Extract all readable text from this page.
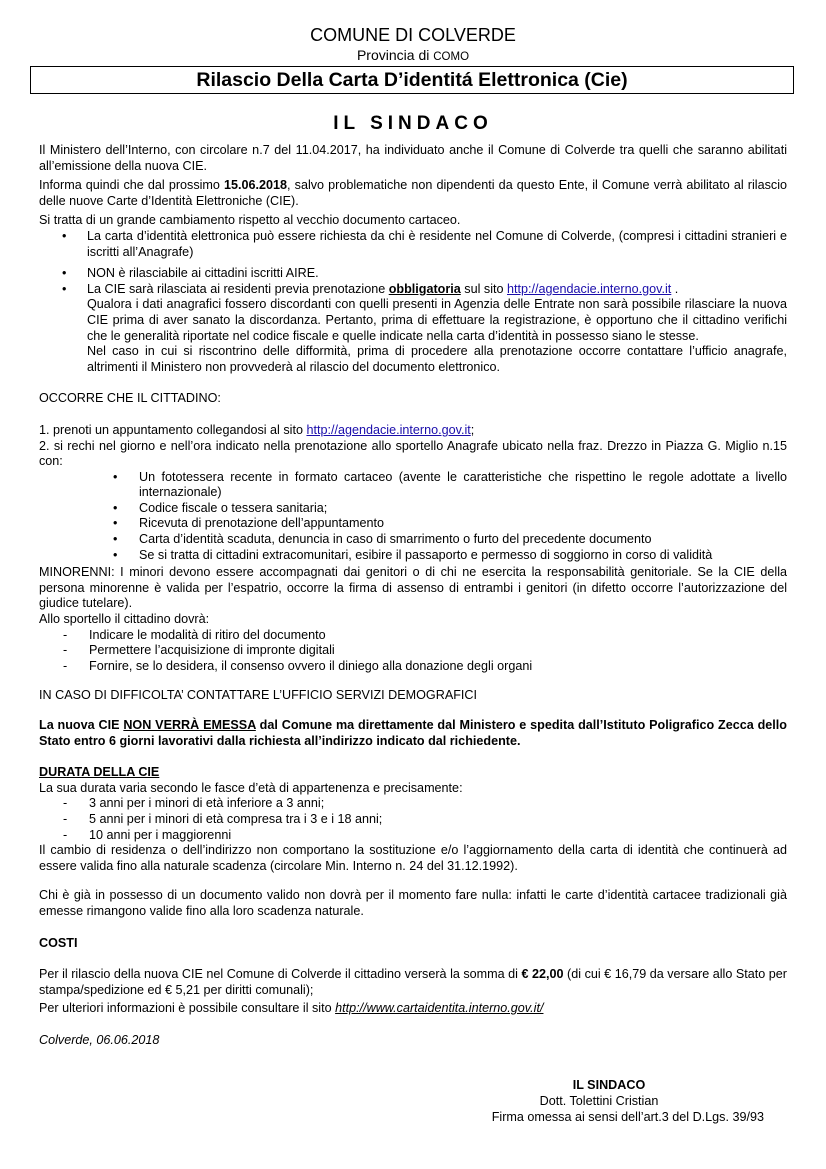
COMUNE DI COLVERDE
Provincia di COMO
Rilascio Della Carta D’identitá Elettronica (Cie)
IL SINDACO

Il Ministero dell’Interno, con circolare n.7 del 11.04.2017, ha individuato anche il Comune di Colverde tra quelli che saranno abilitati all’emissione della nuova CIE.

Informa quindi che dal prossimo 15.06.2018, salvo problematiche non dipendenti da questo Ente, il Comune verrà abilitato al rilascio delle nuove Carte d’Identità Elettroniche (CIE).

Si tratta di un grande cambiamento rispetto al vecchio documento cartaceo.

• La carta d’identità elettronica può essere richiesta da chi è residente nel Comune di Colverde, (compresi i cittadini stranieri e iscritti all’Anagrafe)
• NON è rilasciabile ai cittadini iscritti AIRE.
• La CIE sarà rilasciata ai residenti previa prenotazione obbligatoria sul sito http://agendacie.interno.gov.it .

Qualora i dati anagrafici fossero discordanti con quelli presenti in Agenzia delle Entrate non sarà possibile rilasciare la nuova CIE prima di aver sanato la discordanza. Pertanto, prima di effettuare la registrazione, è opportuno che il cittadino verifichi che le generalità riportate nel codice fiscale e quelle indicate nella carta d’identità in possesso siano le stesse.

Nel caso in cui si riscontrino delle difformità, prima di procedere alla prenotazione occorre contattare l’ufficio anagrafe, altrimenti il Ministero non provvederà al rilascio del documento elettronico.

OCCORRE CHE IL CITTADINO:

1. prenoti un appuntamento collegandosi al sito http://agendacie.interno.gov.it;

2. si rechi nel giorno e nell’ora indicato nella prenotazione allo sportello Anagrafe ubicato nella fraz. Drezzo in Piazza G. Miglio n.15 con:

• Un fototessera recente in formato cartaceo (avente le caratteristiche che rispettino le regole adottate a livello internazionale)
• Codice fiscale o tessera sanitaria;
• Ricevuta di prenotazione dell’appuntamento
• Carta d’identità scaduta, denuncia in caso di smarrimento o furto del precedente documento
• Se si tratta di cittadini extracomunitari, esibire il passaporto e permesso di soggiorno in corso di validità

MINORENNI: I minori devono essere accompagnati dai genitori o di chi ne esercita la responsabilità genitoriale. Se la CIE della persona minorenne è valida per l’espatrio, occorre la firma di assenso di entrambi i genitori (in difetto occorre l’autorizzazione del giudice tutelare).

Allo sportello il cittadino dovrà:

- Indicare le modalità di ritiro del documento
- Permettere l’acquisizione di impronte digitali
- Fornire, se lo desidera, il consenso ovvero il diniego alla donazione degli organi

IN CASO DI DIFFICOLTA’ CONTATTARE L’UFFICIO SERVIZI DEMOGRAFICI

La nuova CIE NON VERRÀ EMESSA dal Comune ma direttamente dal Ministero e spedita dall’Istituto Poligrafico Zecca dello Stato entro 6 giorni lavorativi dalla richiesta all’indirizzo indicato dal richiedente.

DURATA DELLA CIE

La sua durata varia secondo le fasce d’età di appartenenza e precisamente:

- 3 anni per i minori di età inferiore a 3 anni;
- 5 anni per i minori di età compresa tra i 3 e i 18 anni;
- 10 anni per i maggiorenni

Il cambio di residenza o dell’indirizzo non comportano la sostituzione e/o l’aggiornamento della carta di identità che continuerà ad essere valida fino alla naturale scadenza (circolare Min. Interno n. 24 del 31.12.1992).

Chi è già in possesso di un documento valido non dovrà per il momento fare nulla: infatti le carte d’identità cartacee tradizionali già emesse rimangono valide fino alla loro scadenza naturale.

COSTI

Per il rilascio della nuova CIE nel Comune di Colverde il cittadino verserà la somma di € 22,00 (di cui € 16,79 da versare allo Stato per stampa/spedizione ed € 5,21 per diritti comunali);

Per ulteriori informazioni è possibile consultare il sito http://www.cartaidentita.interno.gov.it/

Colverde, 06.06.2018

IL SINDACO
Dott. Tolettini Cristian
Firma omessa ai sensi dell’art.3 del D.Lgs. 39/93
